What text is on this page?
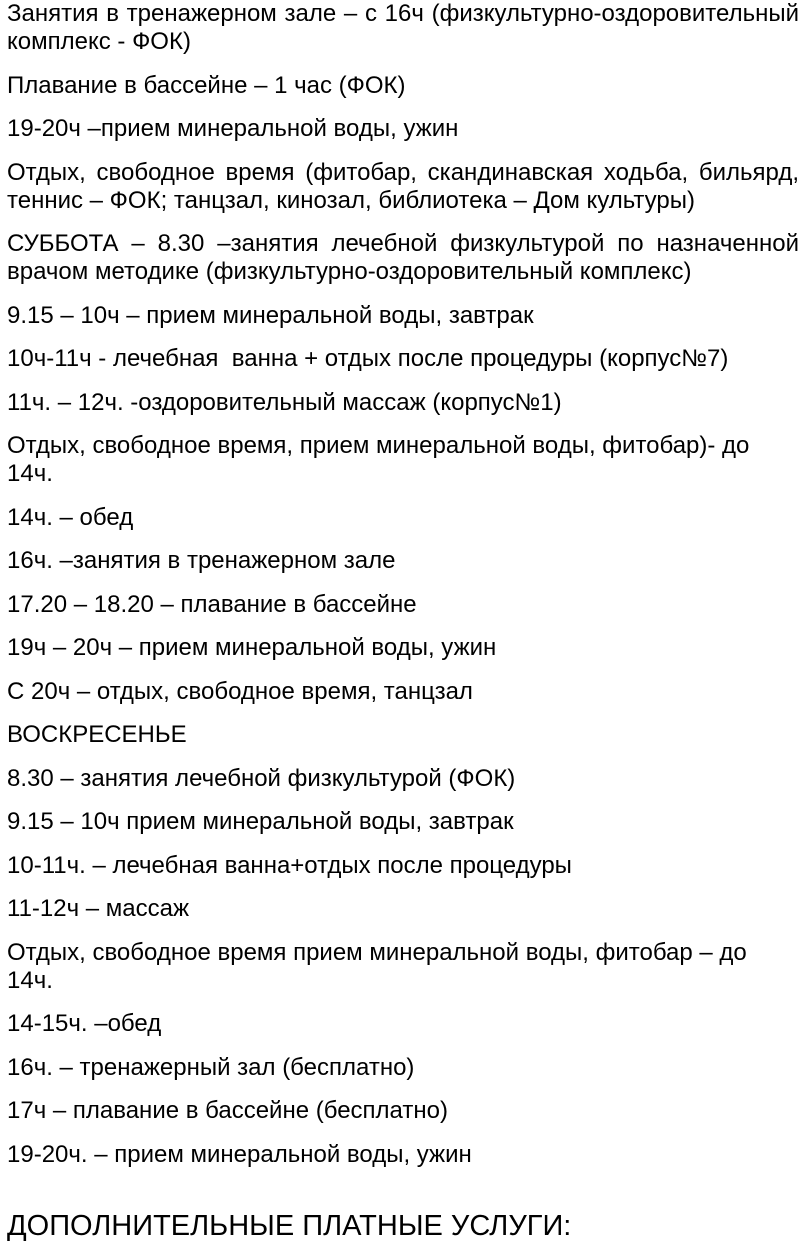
Занятия в тренажерном зале – с 16ч (физкультурно-оздоровительный
комплекс - ФОК)
Плавание в бассейне – 1 час (ФОК)
19-20ч –прием минеральной воды, ужин
Отдых, свободное время (фитобар, скандинавская ходьба, бильярд,
теннис – ФОК; танцзал, кинозал, библиотека – Дом культуры)
СУББОТА – 8.30 –занятия лечебной физкультурой по назначенной
врачом методике (физкультурно-оздоровительный комплекс)
9.15 – 10ч – прием минеральной воды, завтрак
10ч-11ч - лечебная  ванна + отдых после процедуры (корпус№7)
11ч. – 12ч. -оздоровительный массаж (корпус№1)
Отдых, свободное время, прием минеральной воды, фитобар)- до 14ч.
14ч. – обед
16ч. –занятия в тренажерном зале
17.20 – 18.20 – плавание в бассейне
19ч – 20ч – прием минеральной воды, ужин
С 20ч – отдых, свободное время, танцзал
ВОСКРЕСЕНЬЕ
8.30 – занятия лечебной физкультурой (ФОК)
9.15 – 10ч прием минеральной воды, завтрак
10-11ч. – лечебная ванна+отдых после процедуры
11-12ч – массаж
Отдых, свободное время прием минеральной воды, фитобар – до 14ч.
14-15ч. –обед
16ч. – тренажерный зал (бесплатно)
17ч – плавание в бассейне (бесплатно)
19-20ч. – прием минеральной воды, ужин
ДОПОЛНИТЕЛЬНЫЕ ПЛАТНЫЕ УСЛУГИ:
